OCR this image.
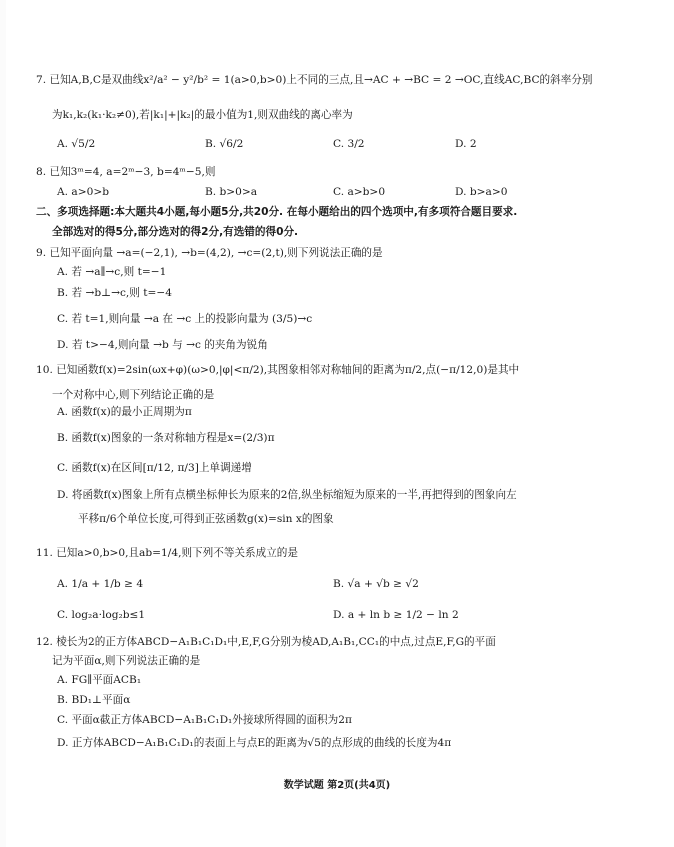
7. 已知A,B,C是双曲线x²/a² − y²/b² = 1(a>0,b>0)上不同的三点,且→AC + →BC = 2 →OC,直线AC,BC的斜率分别
为k₁,k₂(k₁·k₂≠0),若|k₁|+|k₂|的最小值为1,则双曲线的离心率为
A. √5/2	B. √6/2	C. 3/2	D. 2
8. 已知3ᵐ=4, a=2ᵐ−3, b=4ᵐ−5,则
A. a>0>b	B. b>0>a	C. a>b>0	D. b>a>0
二、多项选择题:本大题共4小题,每小题5分,共20分. 在每小题给出的四个选项中,有多项符合题目要求.
全部选对的得5分,部分选对的得2分,有选错的得0分.
9. 已知平面向量 →a=(−2,1), →b=(4,2), →c=(2,t),则下列说法正确的是
A. 若 →a∥→c,则 t=−1
B. 若 →b⊥→c,则 t=−4
C. 若 t=1,则向量 →a 在 →c 上的投影向量为 (3/5)→c
D. 若 t>−4,则向量 →b 与 →c 的夹角为锐角
10. 已知函数f(x)=2sin(ωx+φ)(ω>0,|φ|<π/2),其图象相邻对称轴间的距离为π/2,点(−π/12,0)是其中
一个对称中心,则下列结论正确的是
A. 函数f(x)的最小正周期为π
B. 函数f(x)图象的一条对称轴方程是x=(2/3)π
C. 函数f(x)在区间[π/12, π/3]上单调递增
D. 将函数f(x)图象上所有点横坐标伸长为原来的2倍,纵坐标缩短为原来的一半,再把得到的图象向左
平移π/6个单位长度,可得到正弦函数g(x)=sin x的图象
11. 已知a>0,b>0,且ab=1/4,则下列不等关系成立的是
A. 1/a + 1/b ≥ 4	B. √a + √b ≥ √2
C. log₂a·log₂b≤1	D. a + ln b ≥ 1/2 − ln 2
12. 棱长为2的正方体ABCD−A₁B₁C₁D₁中,E,F,G分别为棱AD,A₁B₁,CC₁的中点,过点E,F,G的平面
记为平面α,则下列说法正确的是
A. FG∥平面ACB₁
B. BD₁⊥平面α
C. 平面α截正方体ABCD−A₁B₁C₁D₁外接球所得圆的面积为2π
D. 正方体ABCD−A₁B₁C₁D₁的表面上与点E的距离为√5的点形成的曲线的长度为4π
数学试题 第2页(共4页)
